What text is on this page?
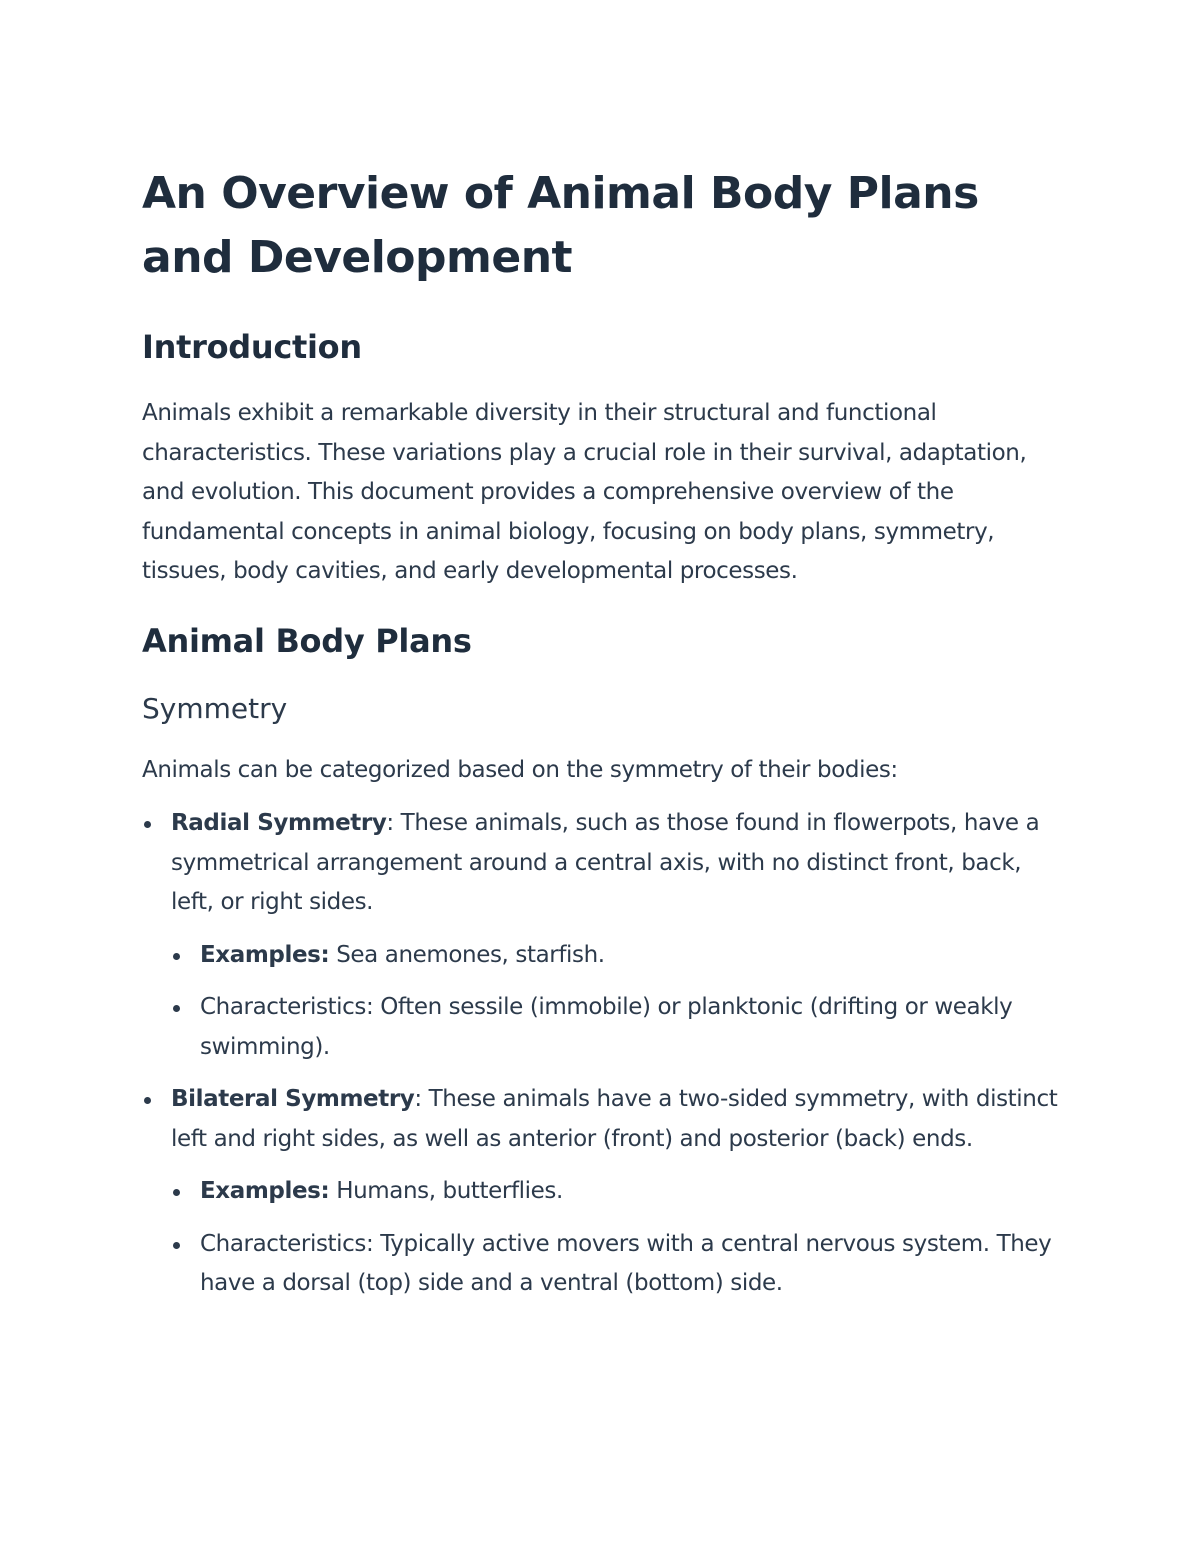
An Overview of Animal Body Plans and Development
Introduction

Animals exhibit a remarkable diversity in their structural and functional characteristics. These variations play a crucial role in their survival, adaptation, and evolution. This document provides a comprehensive overview of the fundamental concepts in animal biology, focusing on body plans, symmetry, tissues, body cavities, and early developmental processes.

Animal Body Plans
Symmetry

Animals can be categorized based on the symmetry of their bodies:

Radial Symmetry: These animals, such as those found in flowerpots, have a symmetrical arrangement around a central axis, with no distinct front, back, left, or right sides.
Examples: Sea anemones, starfish.
Characteristics: Often sessile (immobile) or planktonic (drifting or weakly swimming).
Bilateral Symmetry: These animals have a two-sided symmetry, with distinct left and right sides, as well as anterior (front) and posterior (back) ends.
Examples: Humans, butterflies.
Characteristics: Typically active movers with a central nervous system. They have a dorsal (top) side and a ventral (bottom) side.
